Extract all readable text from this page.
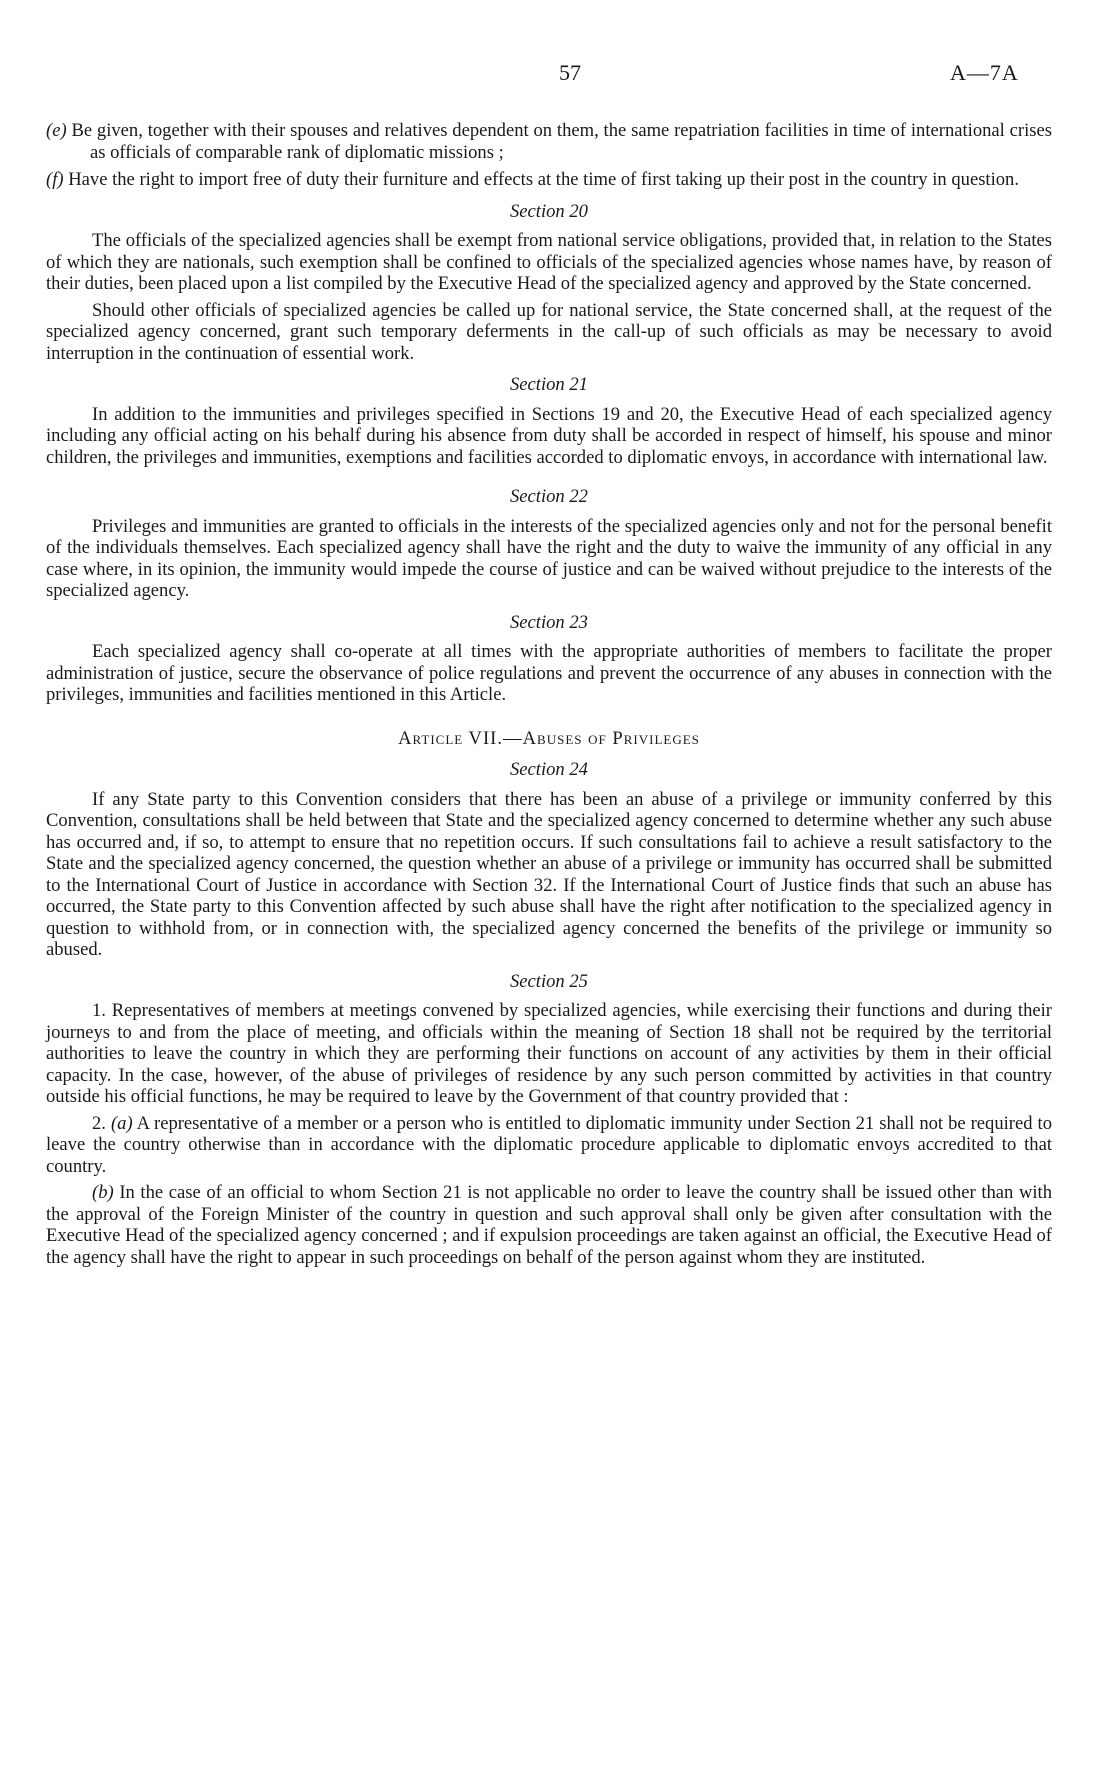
57	A—7A
(e) Be given, together with their spouses and relatives dependent on them, the same repatriation facilities in time of international crises as officials of comparable rank of diplomatic missions ;
(f) Have the right to import free of duty their furniture and effects at the time of first taking up their post in the country in question.
Section 20

The officials of the specialized agencies shall be exempt from national service obligations, provided that, in relation to the States of which they are nationals, such exemption shall be confined to officials of the specialized agencies whose names have, by reason of their duties, been placed upon a list compiled by the Executive Head of the specialized agency and approved by the State concerned.

Should other officials of specialized agencies be called up for national service, the State concerned shall, at the request of the specialized agency concerned, grant such temporary deferments in the call-up of such officials as may be necessary to avoid interruption in the continuation of essential work.

Section 21

In addition to the immunities and privileges specified in Sections 19 and 20, the Executive Head of each specialized agency including any official acting on his behalf during his absence from duty shall be accorded in respect of himself, his spouse and minor children, the privileges and immunities, exemptions and facilities accorded to diplomatic envoys, in accordance with international law.

Section 22

Privileges and immunities are granted to officials in the interests of the specialized agencies only and not for the personal benefit of the individuals themselves. Each specialized agency shall have the right and the duty to waive the immunity of any official in any case where, in its opinion, the immunity would impede the course of justice and can be waived without prejudice to the interests of the specialized agency.

Section 23

Each specialized agency shall co-operate at all times with the appropriate authorities of members to facilitate the proper administration of justice, secure the observance of police regulations and prevent the occurrence of any abuses in connection with the privileges, immunities and facilities mentioned in this Article.

Article VII.—Abuses of Privileges
Section 24

If any State party to this Convention considers that there has been an abuse of a privilege or immunity conferred by this Convention, consultations shall be held between that State and the specialized agency concerned to determine whether any such abuse has occurred and, if so, to attempt to ensure that no repetition occurs. If such consultations fail to achieve a result satisfactory to the State and the specialized agency concerned, the question whether an abuse of a privilege or immunity has occurred shall be submitted to the International Court of Justice in accordance with Section 32. If the International Court of Justice finds that such an abuse has occurred, the State party to this Convention affected by such abuse shall have the right after notification to the specialized agency in question to withhold from, or in connection with, the specialized agency concerned the benefits of the privilege or immunity so abused.

Section 25

1. Representatives of members at meetings convened by specialized agencies, while exercising their functions and during their journeys to and from the place of meeting, and officials within the meaning of Section 18 shall not be required by the territorial authorities to leave the country in which they are performing their functions on account of any activities by them in their official capacity. In the case, however, of the abuse of privileges of residence by any such person committed by activities in that country outside his official functions, he may be required to leave by the Government of that country provided that :

2. (a) A representative of a member or a person who is entitled to diplomatic immunity under Section 21 shall not be required to leave the country otherwise than in accordance with the diplomatic procedure applicable to diplomatic envoys accredited to that country.

(b) In the case of an official to whom Section 21 is not applicable no order to leave the country shall be issued other than with the approval of the Foreign Minister of the country in question and such approval shall only be given after consultation with the Executive Head of the specialized agency concerned ; and if expulsion proceedings are taken against an official, the Executive Head of the agency shall have the right to appear in such proceedings on behalf of the person against whom they are instituted.
